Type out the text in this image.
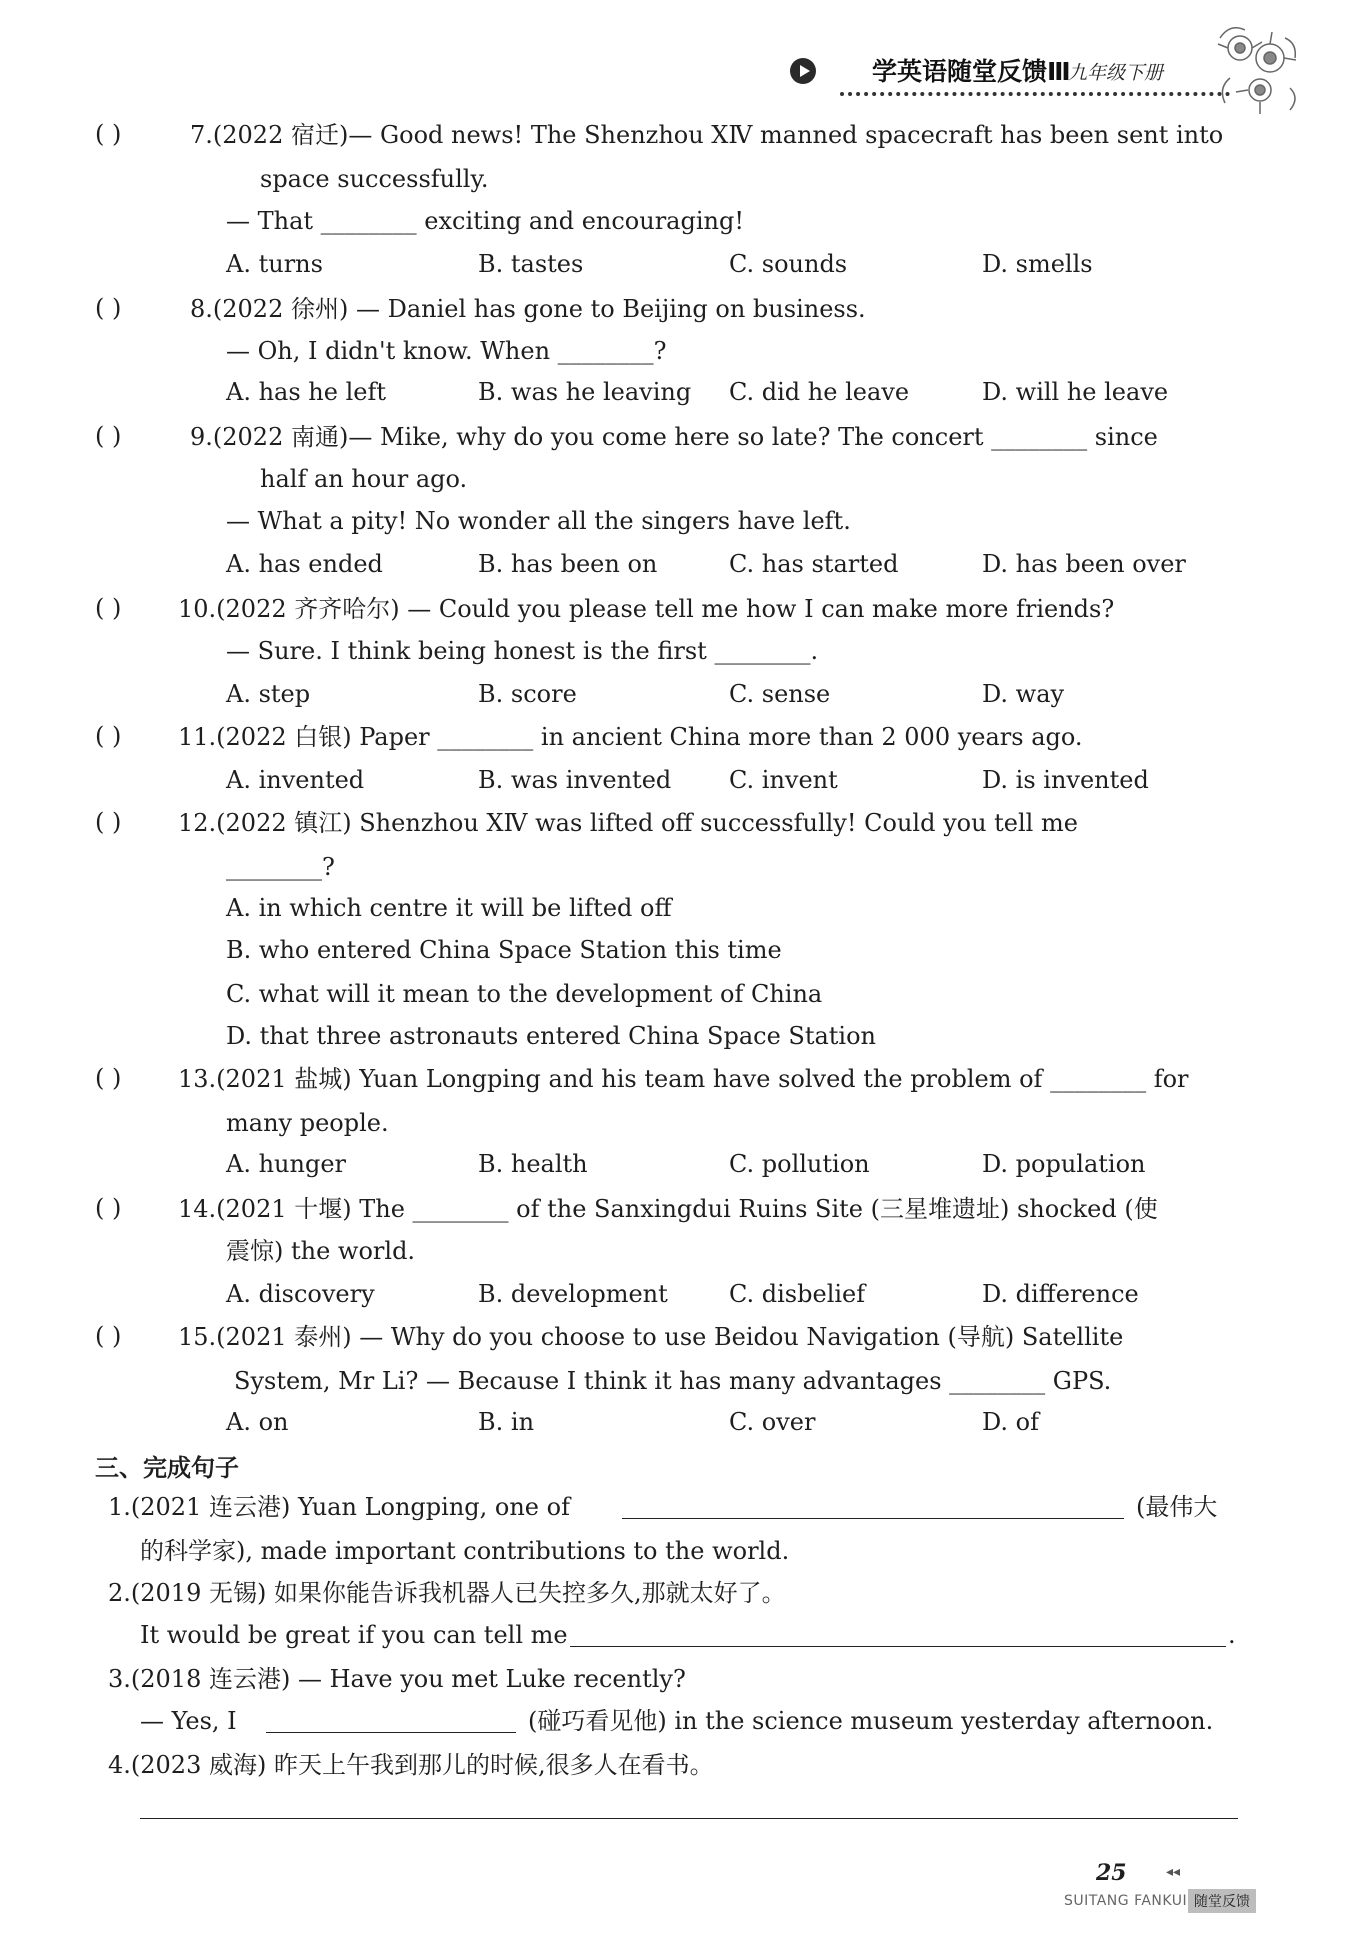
学英语随堂反馈Ⅲ
九年级下册
( )	7.(2022 宿迁)— Good news! The Shenzhou ⅩⅣ manned spacecraft has been sent into
space successfully.
— That ________ exciting and encouraging!
A. turns	B. tastes	C. sounds	D. smells
( )	8.(2022 徐州) — Daniel has gone to Beijing on business.
— Oh, I didn't know. When ________?
A. has he left	B. was he leaving C. did he leave	D. will he leave
( )	9.(2022 南通)— Mike, why do you come here so late? The concert ________ since
half an hour ago.
— What a pity! No wonder all the singers have left.
A. has ended	B. has been on	C. has started	D. has been over
( ) 10.(2022 齐齐哈尔) — Could you please tell me how I can make more friends?
— Sure. I think being honest is the first ________.
A. step	B. score	C. sense	D. way
( ) 11.(2022 白银) Paper ________ in ancient China more than 2 000 years ago.
A. invented	B. was invented C. invent	D. is invented
( ) 12.(2022 镇江) Shenzhou ⅩⅣ was lifted off successfully! Could you tell me
________?
A. in which centre it will be lifted off
B. who entered China Space Station this time
C. what will it mean to the development of China
D. that three astronauts entered China Space Station
( ) 13.(2021 盐城) Yuan Longping and his team have solved the problem of ________ for
many people.
A. hunger	B. health	C. pollution	D. population
( ) 14.(2021 十堰) The ________ of the Sanxingdui Ruins Site (三星堆遗址) shocked (使
震惊) the world.
A. discovery	B. development	C. disbelief	D. difference
( ) 15.(2021 泰州) — Why do you choose to use Beidou Navigation (导航) Satellite
System, Mr Li? — Because I think it has many advantages ________ GPS.
A. on	B. in	C. over	D. of
三、完成句子
1.(2021 连云港) Yuan Longping, one of	(最伟大
的科学家), made important contributions to the world.
2.(2019 无锡) 如果你能告诉我机器人已失控多久,那就太好了。
It would be great if you can tell me	.
3.(2018 连云港) — Have you met Luke recently?
— Yes, I	(碰巧看见他) in the science museum yesterday afternoon.
4.(2023 威海) 昨天上午我到那儿的时候,很多人在看书。
25	◂◂
SUITANG FANKUI 随堂反馈
